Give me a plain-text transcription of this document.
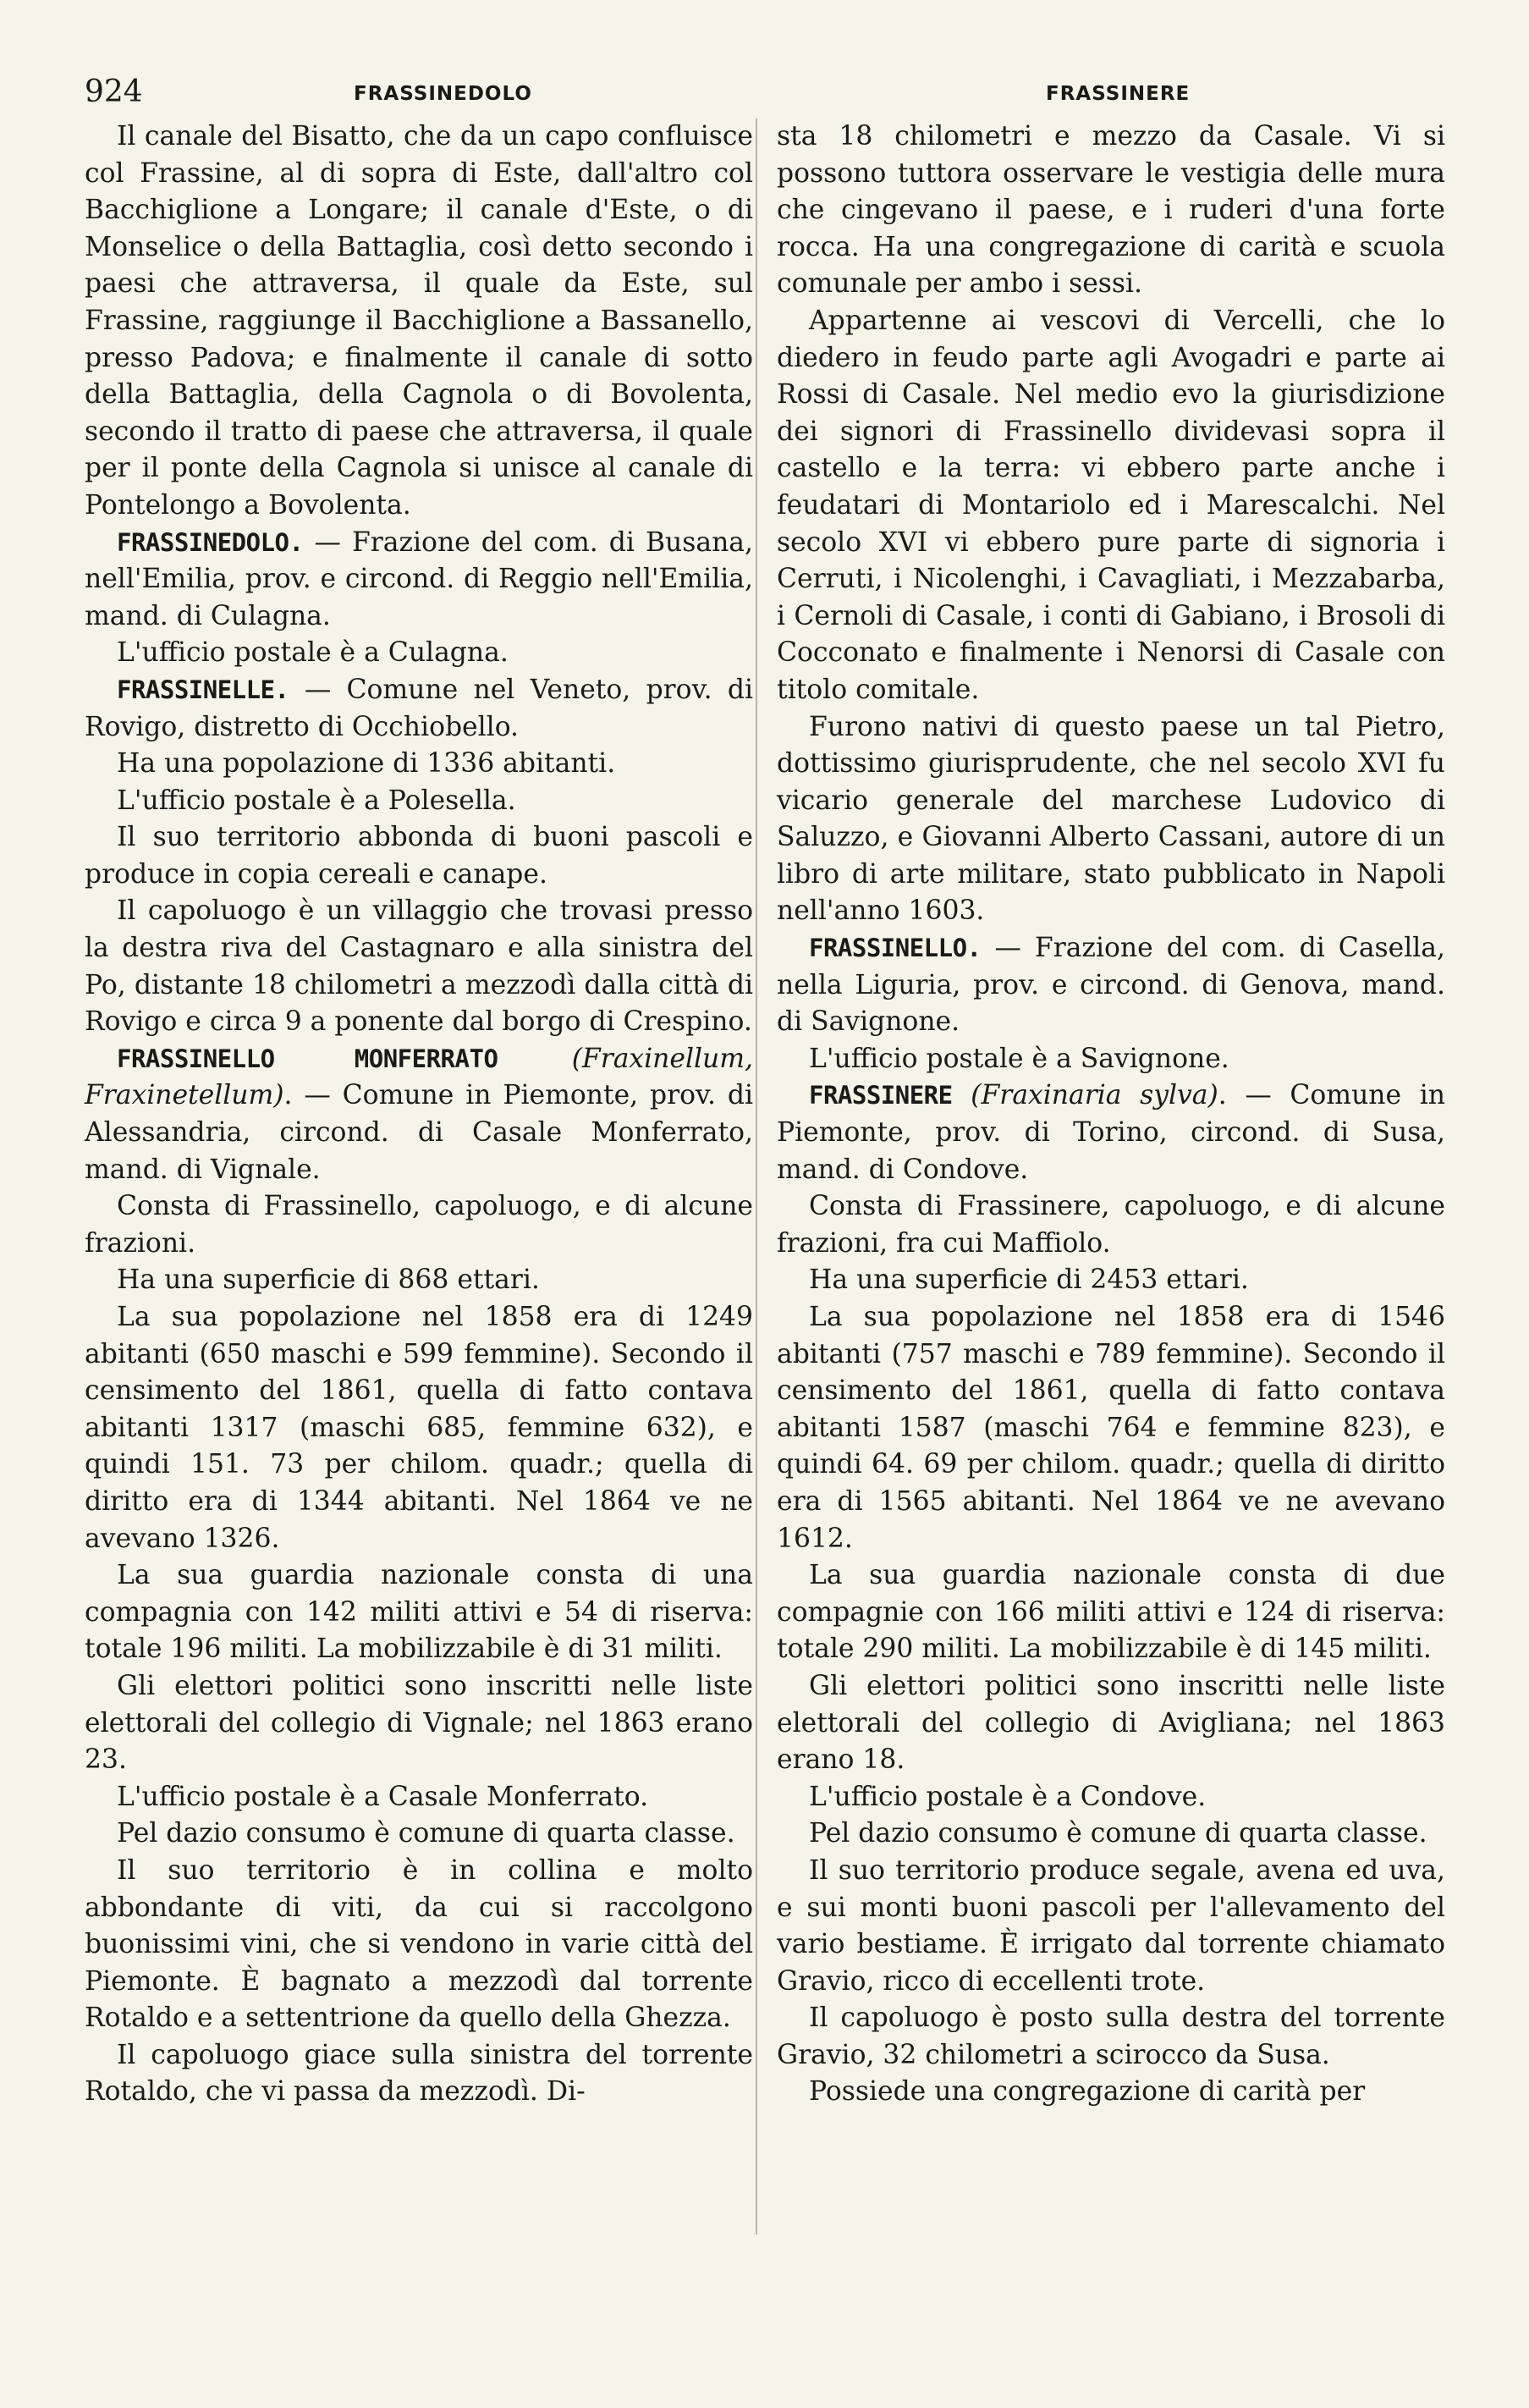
924	FRASSINEDOLO	FRASSINERE

Il canale del Bisatto, che da un capo confluisce col Frassine, al di sopra di Este, dall'altro col Bacchiglione a Longare; il canale d'Este, o di Monselice o della Battaglia, così detto secondo i paesi che attraversa, il quale da Este, sul Frassine, raggiunge il Bacchiglione a Bassanello, presso Padova; e finalmente il canale di sotto della Battaglia, della Cagnola o di Bovolenta, secondo il tratto di paese che attraversa, il quale per il ponte della Cagnola si unisce al canale di Pontelongo a Bovolenta.

FRASSINEDOLO. — Frazione del com. di Busana, nell'Emilia, prov. e circond. di Reggio nell'Emilia, mand. di Culagna.

L'ufficio postale è a Culagna.

FRASSINELLE. — Comune nel Veneto, prov. di Rovigo, distretto di Occhiobello.

Ha una popolazione di 1336 abitanti.

L'ufficio postale è a Polesella.

Il suo territorio abbonda di buoni pascoli e produce in copia cereali e canape.

Il capoluogo è un villaggio che trovasi presso la destra riva del Castagnaro e alla sinistra del Po, distante 18 chilometri a mezzodì dalla città di Rovigo e circa 9 a ponente dal borgo di Crespino.

FRASSINELLO MONFERRATO	(Fraxinellum, Fraxinetellum). — Comune in Piemonte, prov. di Alessandria, circond. di Casale Monferrato, mand. di Vignale.

Consta di Frassinello, capoluogo, e di alcune frazioni.

Ha una superficie di 868 ettari.

La sua popolazione nel 1858 era di 1249 abitanti (650 maschi e 599 femmine). Secondo il censimento del 1861, quella di fatto contava abitanti 1317 (maschi 685, femmine 632), e quindi 151. 73 per chilom. quadr.; quella di diritto era di 1344 abitanti. Nel 1864 ve ne avevano 1326.

La sua guardia nazionale consta di una compagnia con 142 militi attivi e 54 di riserva: totale 196 militi. La mobilizzabile è di 31 militi.

Gli elettori politici sono inscritti nelle liste elettorali del collegio di Vignale; nel 1863 erano 23.

L'ufficio postale è a Casale Monferrato.

Pel dazio consumo è comune di quarta classe.

Il suo territorio è in collina e molto abbondante di viti, da cui si raccolgono buonissimi vini, che si vendono in varie città del Piemonte. È bagnato a mezzodì dal torrente Rotaldo e a settentrione da quello della Ghezza.

Il capoluogo giace sulla sinistra del torrente Rotaldo, che vi passa da mezzodì. Di-

sta 18 chilometri e mezzo da Casale. Vi si possono tuttora osservare le vestigia delle mura che cingevano il paese, e i ruderi d'una forte rocca. Ha una congregazione di carità e scuola comunale per ambo i sessi.

Appartenne ai vescovi di Vercelli, che lo diedero in feudo parte agli Avogadri e parte ai Rossi di Casale. Nel medio evo la giurisdizione dei signori di Frassinello dividevasi sopra il castello e la terra: vi ebbero parte anche i feudatari di Montariolo ed i Marescalchi. Nel secolo XVI vi ebbero pure parte di signoria i Cerruti, i Nicolenghi, i Cavagliati, i Mezzabarba, i Cernoli di Casale, i conti di Gabiano, i Brosoli di Cocconato e finalmente i Nenorsi di Casale con titolo comitale.

Furono nativi di questo paese un tal Pietro, dottissimo giurisprudente, che nel secolo XVI fu vicario generale del marchese Ludovico di Saluzzo, e Giovanni Alberto Cassani, autore di un libro di arte militare, stato pubblicato in Napoli nell'anno 1603.

FRASSINELLO. — Frazione del com. di Casella, nella Liguria, prov. e circond. di Genova, mand. di Savignone.

L'ufficio postale è a Savignone.

FRASSINERE (Fraxinaria sylva). — Comune in Piemonte, prov. di Torino, circond. di Susa, mand. di Condove.

Consta di Frassinere, capoluogo, e di alcune frazioni, fra cui Maffiolo.

Ha una superficie di 2453 ettari.

La sua popolazione nel 1858 era di 1546 abitanti (757 maschi e 789 femmine). Secondo il censimento del 1861, quella di fatto contava abitanti 1587 (maschi 764 e femmine 823), e quindi 64. 69 per chilom. quadr.; quella di diritto era di 1565 abitanti. Nel 1864 ve ne avevano 1612.

La sua guardia nazionale consta di due compagnie con 166 militi attivi e 124 di riserva: totale 290 militi. La mobilizzabile è di 145 militi.

Gli elettori politici sono inscritti nelle liste elettorali del collegio di Avigliana; nel 1863 erano 18.

L'ufficio postale è a Condove.

Pel dazio consumo è comune di quarta classe.

Il suo territorio produce segale, avena ed uva, e sui monti buoni pascoli per l'allevamento del vario bestiame. È irrigato dal torrente chiamato Gravio, ricco di eccellenti trote.

Il capoluogo è posto sulla destra del torrente Gravio, 32 chilometri a scirocco da Susa.

Possiede una congregazione di carità per
